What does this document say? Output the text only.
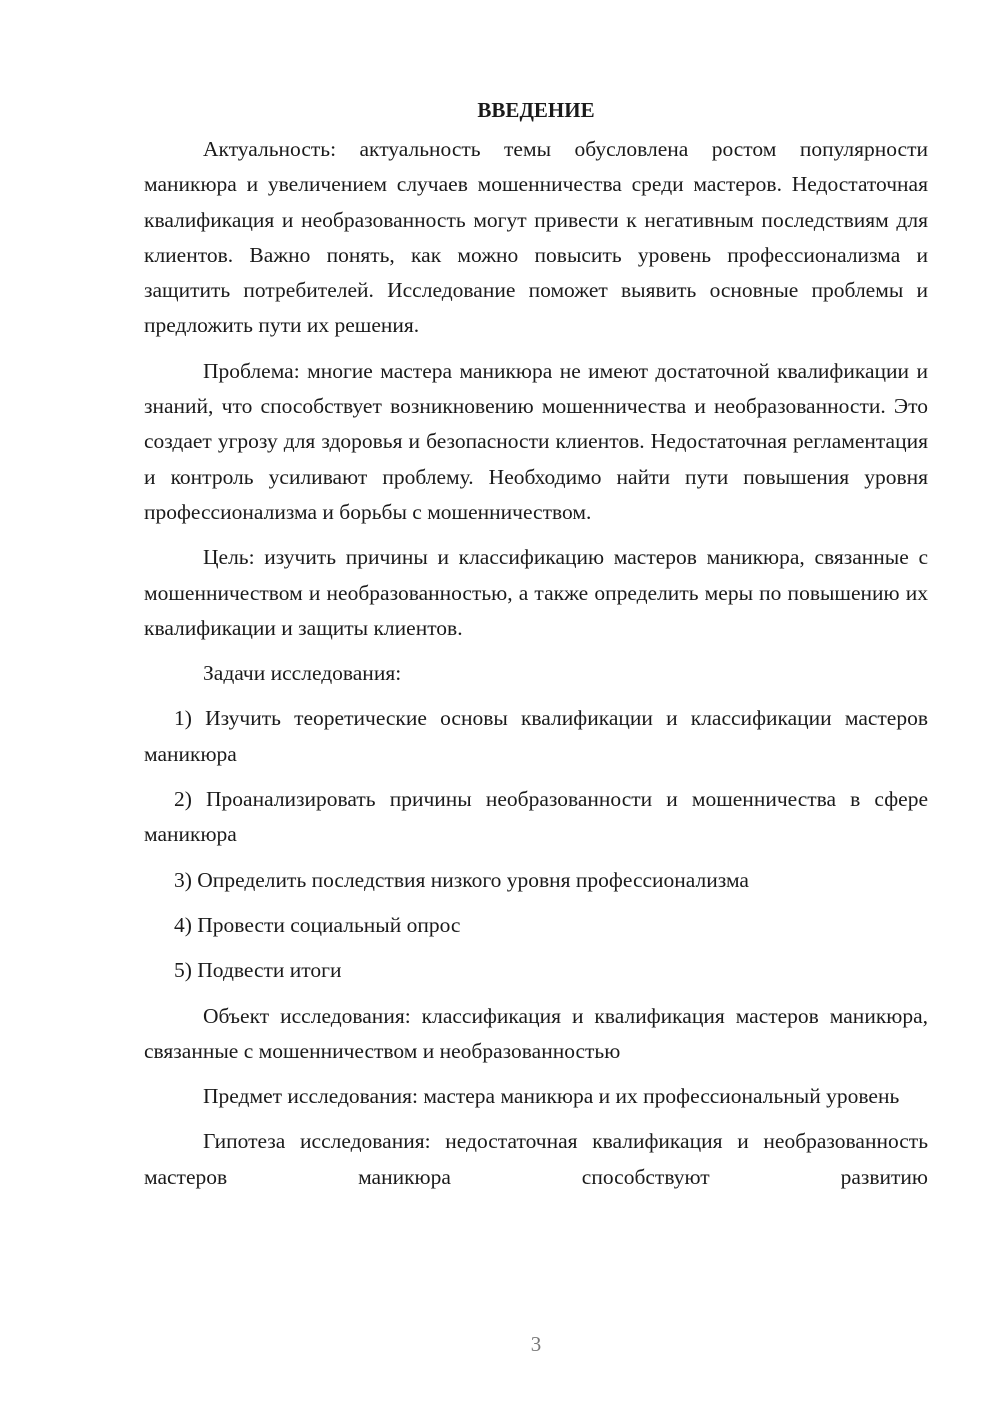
ВВЕДЕНИЕ

Актуальность: актуальность темы обусловлена ростом популярности маникюра и увеличением случаев мошенничества среди мастеров. Недостаточная квалификация и необразованность могут привести к негативным последствиям для клиентов. Важно понять, как можно повысить уровень профессионализма и защитить потребителей. Исследование поможет выявить основные проблемы и предложить пути их решения.

Проблема: многие мастера маникюра не имеют достаточной квалификации и знаний, что способствует возникновению мошенничества и необразованности. Это создает угрозу для здоровья и безопасности клиентов. Недостаточная регламентация и контроль усиливают проблему. Необходимо найти пути повышения уровня профессионализма и борьбы с мошенничеством.

Цель: изучить причины и классификацию мастеров маникюра, связанные с мошенничеством и необразованностью, а также определить меры по повышению их квалификации и защиты клиентов.

Задачи исследования:

1) Изучить теоретические основы квалификации и классификации мастеров маникюра

2) Проанализировать причины необразованности и мошенничества в сфере маникюра

3) Определить последствия низкого уровня профессионализма

4) Провести социальный опрос

5) Подвести итоги

Объект исследования: классификация и квалификация мастеров маникюра, связанные с мошенничеством и необразованностью

Предмет исследования: мастера маникюра и их профессиональный уровень

Гипотеза исследования: недостаточная квалификация и необразованность мастеров маникюра способствуют развитию

3
